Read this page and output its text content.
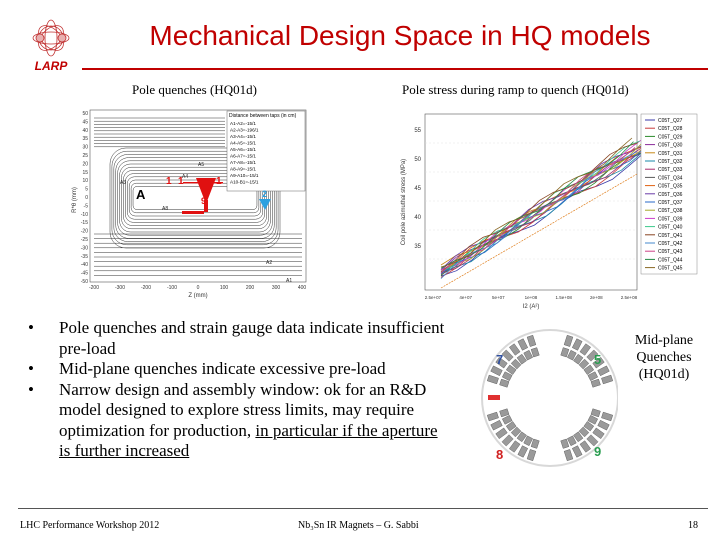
LARP
Mechanical Design Space in HQ models
Pole quenches (HQ01d)	Pole stress during ramp to quench (HQ01d)
50
45
40
35
30
25
20
15
10
5
0
-5
-10
-15
-20
-25
-30
-35
-40
-45
-50
-200	-300	-200	-100	0	100	200	300	400
R*θ (mm)
Z (mm)
Distance between taps (in cm)
A1-A2=-15/1
A2-A3=-196/1
A3-A4=-15/1
A4-A5=-15/1
A5-A6=-15/1
A6-A7=-15/1
A7-A8=-15/1
A8-A9=-15/1
A9-A10=-15/1
A10-B1=-15/1
A3
A4
A5
A2
A8
A1
A
1 1	1
2
9
55
50
45
40
35
2.5e+07	4e+07	5e+07	1e+08	1.5e+08	2e+08	2.5e+08
Coil pole azimuthal stress (MPa)
I2 (A²)
C05T_Q27
C05T_Q28
C05T_Q29
C05T_Q30
C05T_Q31
C05T_Q32
C05T_Q33
C05T_Q34
C05T_Q35
C05T_Q36
C05T_Q37
C05T_Q38
C05T_Q39
C05T_Q40
C05T_Q41
C05T_Q42
C05T_Q43
C05T_Q44
C05T_Q45
• Pole quenches and strain gauge data indicate insufficient pre-load
• Mid-plane quenches indicate excessive pre-load
• Narrow design and assembly window: ok for an R&D model designed to explore stress limits, may require optimization for production, in particular if the aperture is further increased
7	5
8	9
Mid-plane Quenches (HQ01d)
LHC Performance Workshop 2012	Nb₃Sn IR Magnets – G. Sabbi	18
